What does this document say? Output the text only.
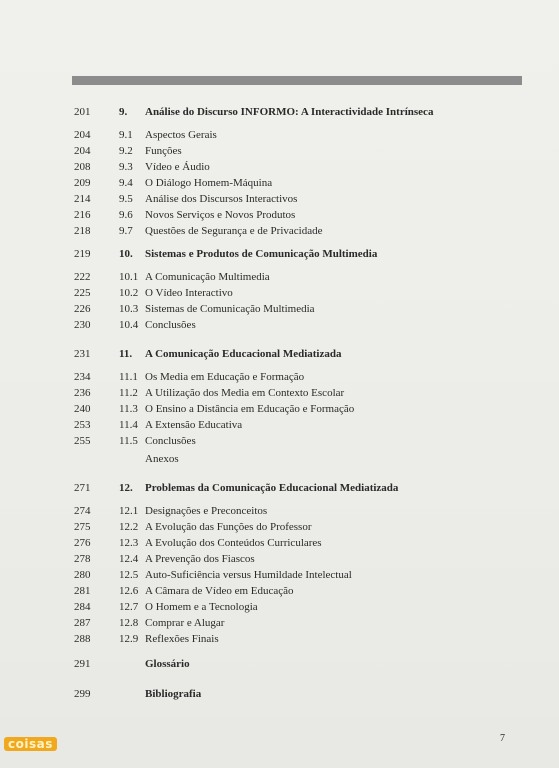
201	9. Análise do Discurso INFORMO: A Interactividade Intrínseca
204	9.1 Aspectos Gerais
204	9.2 Funções
208	9.3 Vídeo e Áudio
209	9.4 O Diálogo Homem-Máquina
214	9.5 Análise dos Discursos Interactivos
216	9.6 Novos Serviços e Novos Produtos
218	9.7 Questões de Segurança e de Privacidade
219	10. Sistemas e Produtos de Comunicação Multimedia
222	10.1 A Comunicação Multimedia
225	10.2 O Vídeo Interactivo
226	10.3 Sistemas de Comunicação Multimedia
230	10.4 Conclusões
231	11. A Comunicação Educacional Mediatizada
234	11.1 Os Media em Educação e Formação
236	11.2 A Utilização dos Media em Contexto Escolar
240	11.3 O Ensino a Distância em Educação e Formação
253	11.4 A Extensão Educativa
255	11.5 Conclusões
Anexos
271	12. Problemas da Comunicação Educacional Mediatizada
274	12.1 Designações e Preconceitos
275	12.2 A Evolução das Funções do Professor
276	12.3 A Evolução dos Conteúdos Curriculares
278	12.4 A Prevenção dos Fiascos
280	12.5 Auto-Suficiência versus Humildade Intelectual
281	12.6 A Câmara de Vídeo em Educação
284	12.7 O Homem e a Tecnologia
287	12.8 Comprar e Alugar
288	12.9 Reflexões Finais
291	Glossário
299	Bibliografia
7
coisas
